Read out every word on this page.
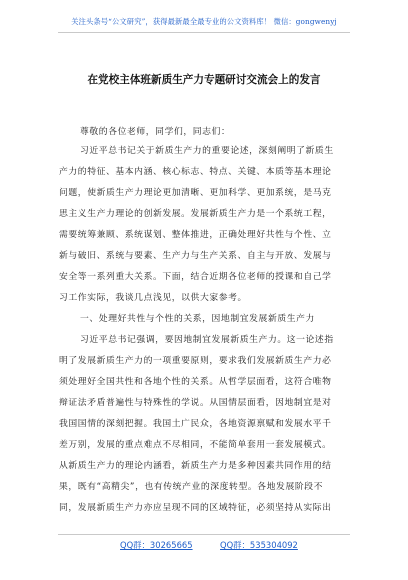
关注头条号“公文研究”，获得最新最全最专业的公文资料库！ 微信：gongwenyj
在党校主体班新质生产力专题研讨交流会上的发言
尊敬的各位老师，同学们，同志们：
习近平总书记关于新质生产力的重要论述，深刻阐明了新质生
产力的特征、基本内涵、核心标志、特点、关键、本质等基本理论
问题，使新质生产力理论更加清晰、更加科学、更加系统，是马克
思主义生产力理论的创新发展。发展新质生产力是一个系统工程，
需要统筹兼顾、系统谋划、整体推进，正确处理好共性与个性、立
新与破旧、系统与要素、生产力与生产关系、自主与开放、发展与
安全等一系列重大关系。下面，结合近期各位老师的授课和自己学
习工作实际，我谈几点浅见，以供大家参考。
一、处理好共性与个性的关系，因地制宜发展新质生产力
习近平总书记强调，要因地制宜发展新质生产力。这一论述指
明了发展新质生产力的一项重要原则，要求我们发展新质生产力必
须处理好全国共性和各地个性的关系。从哲学层面看，这符合唯物
辩证法矛盾普遍性与特殊性的学说。从国情层面看，因地制宜是对
我国国情的深刻把握。我国土广民众，各地资源禀赋和发展水平千
差万别，发展的重点难点不尽相同，不能简单套用一套发展模式。
从新质生产力的理论内涵看，新质生产力是多种因素共同作用的结
果，既有“高精尖”，也有传统产业的深度转型。各地发展阶段不
同，发展新质生产力亦应呈现不同的区域特征，必须坚持从实际出
QQ群：30265665	QQ群：535304092
